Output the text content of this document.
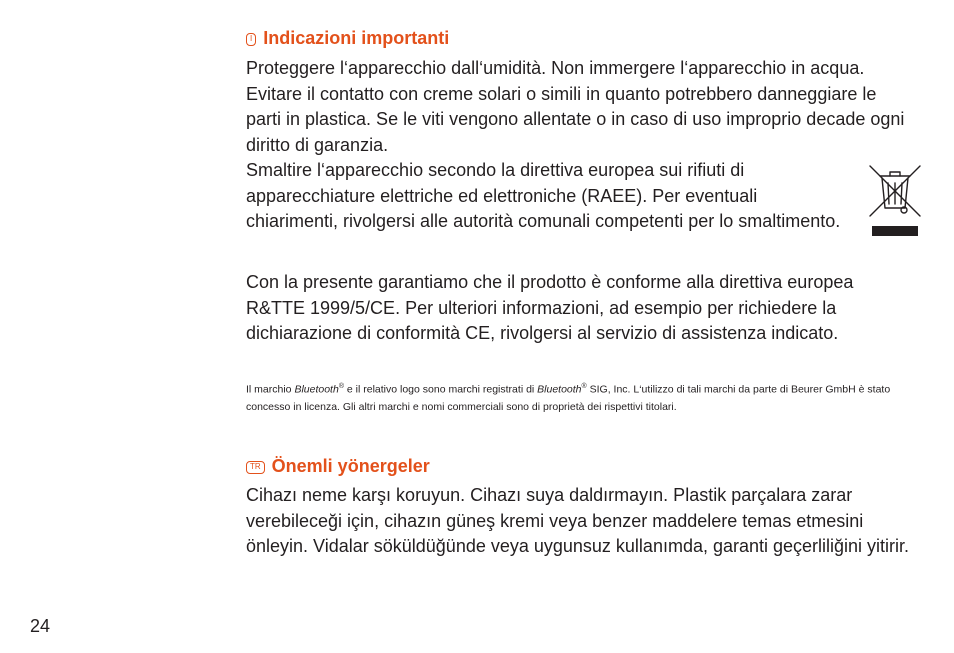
I Indicazioni importanti

Proteggere l‘apparecchio dall‘umidità. Non immergere l‘apparecchio in acqua. Evitare il contatto con creme solari o simili in quanto potrebbero danneggiare le parti in plastica. Se le viti vengono allentate o in caso di uso improprio decade ogni diritto di garanzia.

Smaltire l‘apparecchio secondo la direttiva europea sui rifiuti di apparecchiature elettriche ed elettroniche (RAEE). Per eventuali chiarimenti, rivolgersi alle autorità comunali competenti per lo smaltimento.

Con la presente garantiamo che il prodotto è conforme alla direttiva europea R&TTE 1999/5/CE. Per ulteriori informazioni, ad esempio per richiedere la dichiarazione di conformità CE, rivolgersi al servizio di assistenza indicato.

Il marchio Bluetooth® e il relativo logo sono marchi registrati di Bluetooth® SIG, Inc. L‘utilizzo di tali marchi da parte di Beurer GmbH è stato concesso in licenza. Gli altri marchi e nomi commerciali sono di proprietà dei rispettivi titolari.

TR Önemli yönergeler

Cihazı neme karşı koruyun. Cihazı suya daldırmayın. Plastik parçalara zarar verebileceği için, cihazın güneş kremi veya benzer maddelere temas etmesini önleyin. Vidalar söküldüğünde veya uygunsuz kullanımda, garanti geçerliliğini yitirir.

24
